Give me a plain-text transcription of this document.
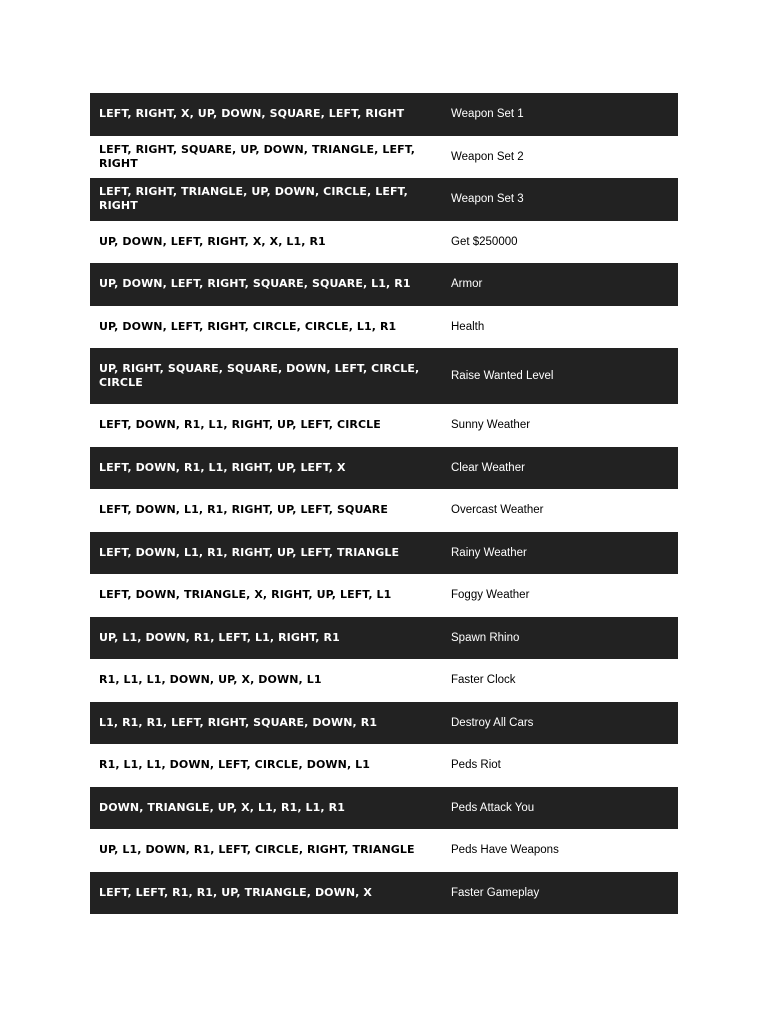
LEFT, RIGHT, X, UP, DOWN, SQUARE, LEFT, RIGHT	Weapon Set 1
LEFT, RIGHT, SQUARE, UP, DOWN, TRIANGLE, LEFT, RIGHT	Weapon Set 2
LEFT, RIGHT, TRIANGLE, UP, DOWN, CIRCLE, LEFT, RIGHT	Weapon Set 3
UP, DOWN, LEFT, RIGHT, X, X, L1, R1	Get $250000
UP, DOWN, LEFT, RIGHT, SQUARE, SQUARE, L1, R1	Armor
UP, DOWN, LEFT, RIGHT, CIRCLE, CIRCLE, L1, R1	Health
UP, RIGHT, SQUARE, SQUARE, DOWN, LEFT, CIRCLE, CIRCLE	Raise Wanted Level
LEFT, DOWN, R1, L1, RIGHT, UP, LEFT, CIRCLE	Sunny Weather
LEFT, DOWN, R1, L1, RIGHT, UP, LEFT, X	Clear Weather
LEFT, DOWN, L1, R1, RIGHT, UP, LEFT, SQUARE	Overcast Weather
LEFT, DOWN, L1, R1, RIGHT, UP, LEFT, TRIANGLE	Rainy Weather
LEFT, DOWN, TRIANGLE, X, RIGHT, UP, LEFT, L1	Foggy Weather
UP, L1, DOWN, R1, LEFT, L1, RIGHT, R1	Spawn Rhino
R1, L1, L1, DOWN, UP, X, DOWN, L1	Faster Clock
L1, R1, R1, LEFT, RIGHT, SQUARE, DOWN, R1	Destroy All Cars
R1, L1, L1, DOWN, LEFT, CIRCLE, DOWN, L1	Peds Riot
DOWN, TRIANGLE, UP, X, L1, R1, L1, R1	Peds Attack You
UP, L1, DOWN, R1, LEFT, CIRCLE, RIGHT, TRIANGLE	Peds Have Weapons
LEFT, LEFT, R1, R1, UP, TRIANGLE, DOWN, X	Faster Gameplay
